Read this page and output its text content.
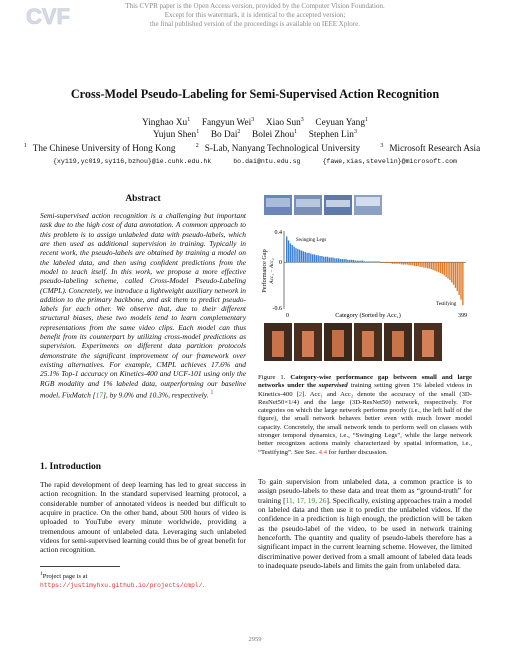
This CVPR paper is the Open Access version, provided by the Computer Vision Foundation.
Except for this watermark, it is identical to the accepted version;
the final published version of the proceedings is available on IEEE Xplore.
CVF
Cross-Model Pseudo-Labeling for Semi-Supervised Action Recognition
Yinghao Xu$^1$ Fangyun Wei$^3$ Xiao Sun$^3$ Ceyuan Yang$^1$
Yujun Shen$^1$ Bo Dai$^2$ Bolei Zhou$^1$ Stephen Lin$^3$
$^1$ The Chinese University of Hong Kong	$^2$ S-Lab, Nanyang Technological University	$^3$ Microsoft Research Asia
{xy119,yc019,sy116,bzhou}@ie.cuhk.edu.hk	bo.dai@ntu.edu.sg	{fawe,xias,stevelin}@microsoft.com
Abstract
Semi-supervised action recognition is a challenging but important task due to the high cost of data annotation. A common approach to this problem is to assign unlabeled data with pseudo-labels, which are then used as additional supervision in training. Typically in recent work, the pseudo-labels are obtained by training a model on the labeled data, and then using confident predictions from the model to teach itself. In this work, we propose a more effective pseudo-labeling scheme, called Cross-Model Pseudo-Labeling (CMPL). Concretely, we introduce a lightweight auxiliary network in addition to the primary backbone, and ask them to predict pseudo-labels for each other. We observe that, due to their different structural biases, these two models tend to learn complementary representations from the same video clips. Each model can thus benefit from its counterpart by utilizing cross-model predictions as supervision. Experiments on different data partition protocols demonstrate the significant improvement of our framework over existing alternatives. For example, CMPL achieves 17.6% and 25.1% Top-1 accuracy on Kinetics-400 and UCF-101 using only the RGB modality and 1% labeled data, outperforming our baseline model, FixMatch [17], by 9.0% and 10.3%, respectively. $^1$
1. Introduction
The rapid development of deep learning has led to great success in action recognition. In the standard supervised learning protocol, a considerable number of annotated videos is needed but difficult to acquire in practice. On the other hand, about 500 hours of video is uploaded to YouTube every minute worldwide, providing a tremendous amount of unlabeled data. Leveraging such unlabeled videos for semi-supervised learning could thus be of great benefit for action recognition.
$^1$Project page is at https://justimyhxu.github.io/projects/cmpl/.
0.4
0
-0.6
0	399
Category (Sorted by Acc₁)
Performance Gap Acc₁ − Acc₂
Swinging Legs
Testifying
Figure 1. Category-wise performance gap between small and large networks under the supervised training setting given 1% labeled videos in Kinetics-400 [2]. Acc₁ and Acc₂ denote the accuracy of the small (3D-ResNet50×1/4) and the large (3D-ResNet50) network, respectively. For categories on which the large network performs poorly (i.e., the left half of the figure), the small network behaves better even with much lower model capacity. Concretely, the small network tends to perform well on classes with stronger temporal dynamics, i.e., “Swinging Legs”, while the large network better recognizes actions mainly characterized by spatial information, i.e., “Testifying”. See Sec. 4.4 for further discussion.
To gain supervision from unlabeled data, a common practice is to assign pseudo-labels to these data and treat them as “ground-truth” for training [11, 17, 19, 26]. Specifically, existing approaches train a model on labeled data and then use it to predict the unlabeled videos. If the confidence in a prediction is high enough, the prediction will be taken as the pseudo-label of the video, to be used in network training henceforth. The quantity and quality of pseudo-labels therefore has a significant impact in the current learning scheme. However, the limited discriminative power derived from a small amount of labeled data leads to inadequate pseudo-labels and limits the gain from unlabeled data.
2959
